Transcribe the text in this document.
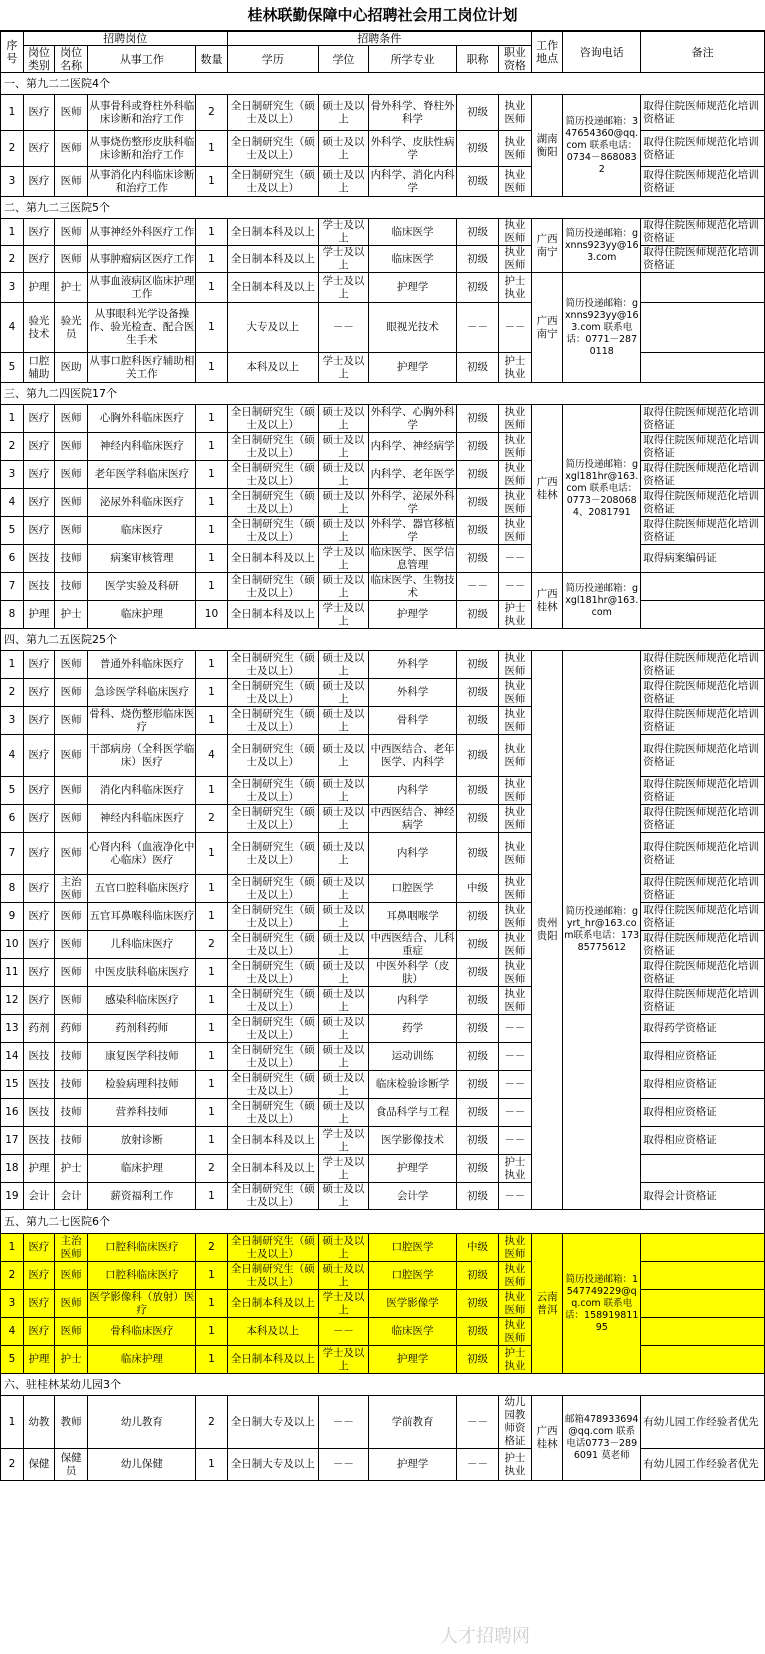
桂林联勤保障中心招聘社会用工岗位计划
序号	招聘岗位				招聘条件					工作地点	咨询电话	备注
	岗位类别	岗位名称	从事工作	数量	学历	学位	所学专业	职称	职业资格			
一、第九二二医院4个												
1	医疗	医师	从事骨科或脊柱外科临床诊断和治疗工作	2	全日制研究生（硕士及以上）	硕士及以上	骨外科学、脊柱外科学	初级	执业医师	湖南衡阳	简历投递邮箱：347654360@qq.com 联系电话：0734－8680832	取得住院医师规范化培训资格证
2	医疗	医师	从事烧伤整形皮肤科临床诊断和治疗工作	1	全日制研究生（硕士及以上）	硕士及以上	外科学、皮肤性病学	初级	执业医师			取得住院医师规范化培训资格证
3	医疗	医师	从事消化内科临床诊断和治疗工作	1	全日制研究生（硕士及以上）	硕士及以上	内科学、消化内科学	初级	执业医师			取得住院医师规范化培训资格证
二、第九二三医院5个												
1	医疗	医师	从事神经外科医疗工作	1	全日制本科及以上	学士及以上	临床医学	初级	执业医师	广西南宁	简历投递邮箱：gxnns923yy@163.com	取得住院医师规范化培训资格证
2	医疗	医师	从事肿瘤病区医疗工作	1	全日制本科及以上	学士及以上	临床医学	初级	执业医师			取得住院医师规范化培训资格证
3	护理	护士	从事血液病区临床护理工作	1	全日制本科及以上	学士及以上	护理学	初级	护士执业	广西南宁	简历投递邮箱：gxnns923yy@163.com 联系电话：0771－2870118	
4	验光技术	验光员	从事眼科光学设备操作、验光检查、配合医生手术	1	大专及以上	－－	眼视光技术	－－	－－			
5	口腔辅助	医助	从事口腔科医疗辅助相关工作	1	本科及以上	学士及以上	护理学	初级	护士执业			
三、第九二四医院17个												
1	医疗	医师	心胸外科临床医疗	1	全日制研究生（硕士及以上）	硕士及以上	外科学、心胸外科学	初级	执业医师	广西桂林	简历投递邮箱：gxgl181hr@163.com 联系电话：0773－2080684、2081791	取得住院医师规范化培训资格证
2	医疗	医师	神经内科临床医疗	1	全日制研究生（硕士及以上）	硕士及以上	内科学、神经病学	初级	执业医师			取得住院医师规范化培训资格证
3	医疗	医师	老年医学科临床医疗	1	全日制研究生（硕士及以上）	硕士及以上	内科学、老年医学	初级	执业医师			取得住院医师规范化培训资格证
4	医疗	医师	泌尿外科临床医疗	1	全日制研究生（硕士及以上）	硕士及以上	外科学、泌尿外科学	初级	执业医师			取得住院医师规范化培训资格证
5	医疗	医师	临床医疗	1	全日制研究生（硕士及以上）	硕士及以上	外科学、器官移植学	初级	执业医师			取得住院医师规范化培训资格证
6	医技	技师	病案审核管理	1	全日制本科及以上	学士及以上	临床医学、医学信息管理	初级	－－			取得病案编码证
7	医技	技师	医学实验及科研	1	全日制研究生（硕士及以上）	硕士及以上	临床医学、生物技术	－－	－－	广西桂林	简历投递邮箱：gxgl181hr@163.com	
8	护理	护士	临床护理	10	全日制本科及以上	学士及以上	护理学	初级	护士执业			
四、第九二五医院25个												
1	医疗	医师	普通外科临床医疗	1	全日制研究生（硕士及以上）	硕士及以上	外科学	初级	执业医师	贵州贵阳	简历投递邮箱：gyrt_hr@163.com联系电话：17385775612	取得住院医师规范化培训资格证
2	医疗	医师	急诊医学科临床医疗	1	全日制研究生（硕士及以上）	硕士及以上	外科学	初级	执业医师			取得住院医师规范化培训资格证
3	医疗	医师	骨科、烧伤整形临床医疗	1	全日制研究生（硕士及以上）	硕士及以上	骨科学	初级	执业医师			取得住院医师规范化培训资格证
4	医疗	医师	干部病房（全科医学临床）医疗	4	全日制研究生（硕士及以上）	硕士及以上	中西医结合、老年医学、内科学	初级	执业医师			取得住院医师规范化培训资格证
5	医疗	医师	消化内科临床医疗	1	全日制研究生（硕士及以上）	硕士及以上	内科学	初级	执业医师			取得住院医师规范化培训资格证
6	医疗	医师	神经内科临床医疗	2	全日制研究生（硕士及以上）	硕士及以上	中西医结合、神经病学	初级	执业医师			取得住院医师规范化培训资格证
7	医疗	医师	心肾内科（血液净化中心临床）医疗	1	全日制研究生（硕士及以上）	硕士及以上	内科学	初级	执业医师			取得住院医师规范化培训资格证
8	医疗	主治医师	五官口腔科临床医疗	1	全日制研究生（硕士及以上）	硕士及以上	口腔医学	中级	执业医师			取得住院医师规范化培训资格证
9	医疗	医师	五官耳鼻喉科临床医疗	1	全日制研究生（硕士及以上）	硕士及以上	耳鼻咽喉学	初级	执业医师			取得住院医师规范化培训资格证
10	医疗	医师	儿科临床医疗	2	全日制研究生（硕士及以上）	硕士及以上	中西医结合、儿科重症	初级	执业医师			取得住院医师规范化培训资格证
11	医疗	医师	中医皮肤科临床医疗	1	全日制研究生（硕士及以上）	硕士及以上	中医外科学（皮肤）	初级	执业医师			取得住院医师规范化培训资格证
12	医疗	医师	感染科临床医疗	1	全日制研究生（硕士及以上）	硕士及以上	内科学	初级	执业医师			取得住院医师规范化培训资格证
13	药剂	药师	药剂科药师	1	全日制研究生（硕士及以上）	硕士及以上	药学	初级	－－			取得药学资格证
14	医技	技师	康复医学科技师	1	全日制研究生（硕士及以上）	硕士及以上	运动训练	初级	－－			取得相应资格证
15	医技	技师	检验病理科技师	1	全日制研究生（硕士及以上）	硕士及以上	临床检验诊断学	初级	－－			取得相应资格证
16	医技	技师	营养科技师	1	全日制研究生（硕士及以上）	硕士及以上	食品科学与工程	初级	－－			取得相应资格证
17	医技	技师	放射诊断	1	全日制本科及以上	学士及以上	医学影像技术	初级	－－			取得相应资格证
18	护理	护士	临床护理	2	全日制本科及以上	学士及以上	护理学	初级	护士执业			
19	会计	会计	薪资福利工作	1	全日制研究生（硕士及以上）	硕士及以上	会计学	初级	－－			取得会计资格证
五、第九二七医院6个												
1	医疗	主治医师	口腔科临床医疗	2	全日制研究生（硕士及以上）	硕士及以上	口腔医学	中级	执业医师	云南普洱	简历投递邮箱：1547749229@qq.com 联系电话：15891981195	
2	医疗	医师	口腔科临床医疗	1	全日制研究生（硕士及以上）	硕士及以上	口腔医学	初级	执业医师			
3	医疗	医师	医学影像科（放射）医疗	1	全日制本科及以上	学士及以上	医学影像学	初级	执业医师			
4	医疗	医师	骨科临床医疗	1	本科及以上	－－	临床医学	初级	执业医师			
5	护理	护士	临床护理	1	全日制本科及以上	学士及以上	护理学	初级	护士执业			
六、驻桂林某幼儿园3个												
1	幼教	教师	幼儿教育	2	全日制大专及以上	－－	学前教育	－－	幼儿园教师资格证	广西桂林	邮箱478933694@qq.com 联系电话0773－2896091 莫老师	有幼儿园工作经验者优先
2	保健	保健员	幼儿保健	1	全日制大专及以上	－－	护理学	－－	护士执业			有幼儿园工作经验者优先
人才招聘网
